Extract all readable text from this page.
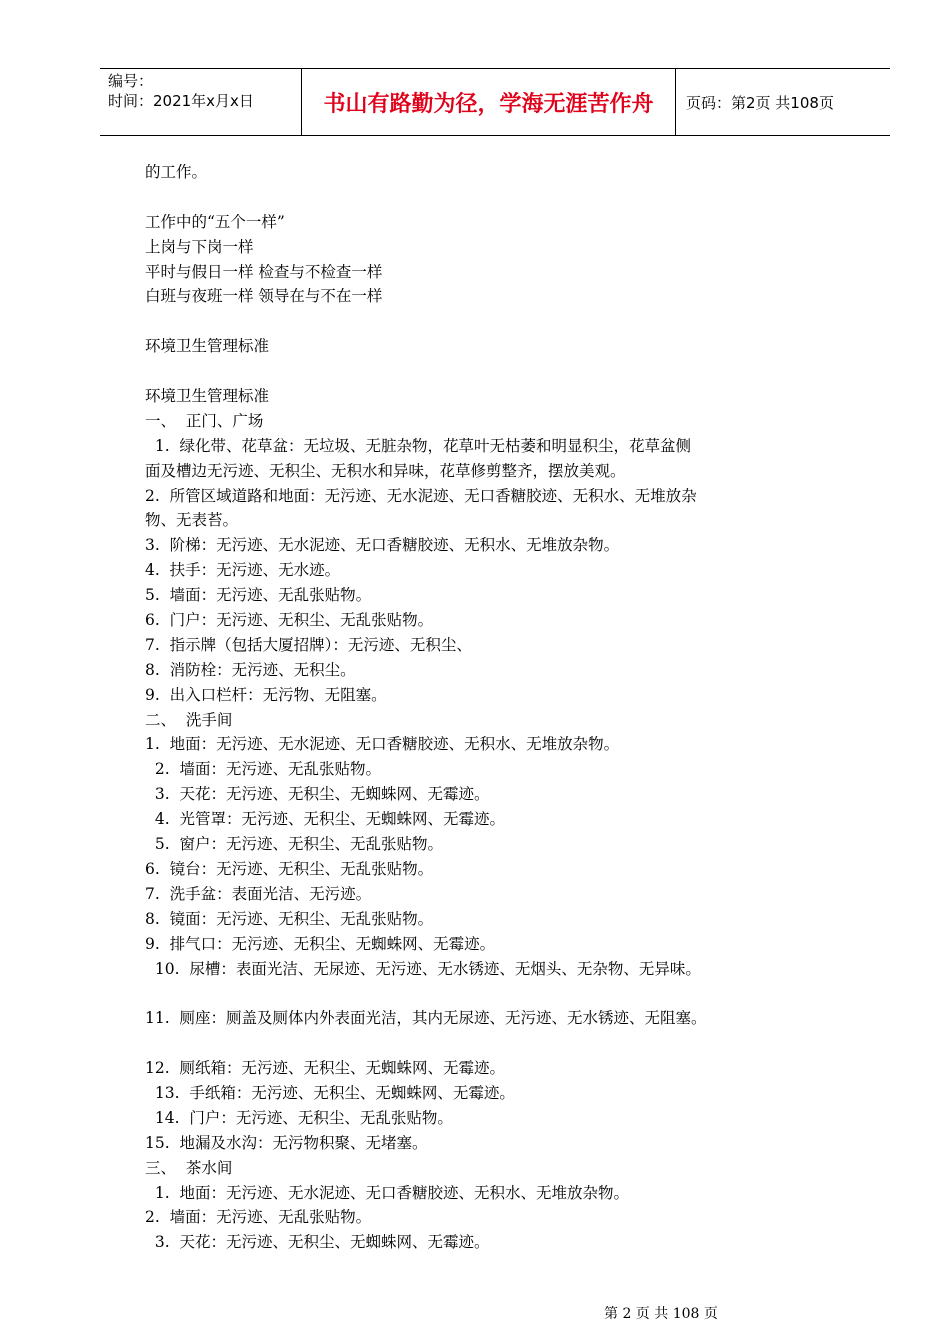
编号：
时间：2021年x月x日	书山有路勤为径，学海无涯苦作舟	页码：第2页 共108页
的工作。
工作中的“五个一样”
上岗与下岗一样
平时与假日一样 检查与不检查一样
白班与夜班一样 领导在与不在一样
环境卫生管理标准
环境卫生管理标准
一、  正门、广场
1.  绿化带、花草盆：无垃圾、无脏杂物，花草叶无枯萎和明显积尘，花草盆侧
面及槽边无污迹、无积尘、无积水和异味，花草修剪整齐，摆放美观。
2.  所管区域道路和地面：无污迹、无水泥迹、无口香糖胶迹、无积水、无堆放杂
物、无表苔。
3.  阶梯：无污迹、无水泥迹、无口香糖胶迹、无积水、无堆放杂物。
4.  扶手：无污迹、无水迹。
5.  墙面：无污迹、无乱张贴物。
6.  门户：无污迹、无积尘、无乱张贴物。
7.  指示牌（包括大厦招牌）：无污迹、无积尘、
8.  消防栓：无污迹、无积尘。
9.  出入口栏杆：无污物、无阻塞。
二、  洗手间
1.  地面：无污迹、无水泥迹、无口香糖胶迹、无积水、无堆放杂物。
2.  墙面：无污迹、无乱张贴物。
3.  天花：无污迹、无积尘、无蜘蛛网、无霉迹。
4.  光管罩：无污迹、无积尘、无蜘蛛网、无霉迹。
5.  窗户：无污迹、无积尘、无乱张贴物。
6.  镜台：无污迹、无积尘、无乱张贴物。
7.  洗手盆：表面光洁、无污迹。
8.  镜面：无污迹、无积尘、无乱张贴物。
9.  排气口：无污迹、无积尘、无蜘蛛网、无霉迹。
10.  尿槽：表面光洁、无尿迹、无污迹、无水锈迹、无烟头、无杂物、无异味。
11.  厕座：厕盖及厕体内外表面光洁，其内无尿迹、无污迹、无水锈迹、无阻塞。
12.  厕纸箱：无污迹、无积尘、无蜘蛛网、无霉迹。
13.  手纸箱：无污迹、无积尘、无蜘蛛网、无霉迹。
14.  门户：无污迹、无积尘、无乱张贴物。
15.  地漏及水沟：无污物积聚、无堵塞。
三、  茶水间
1.  地面：无污迹、无水泥迹、无口香糖胶迹、无积水、无堆放杂物。
2.  墙面：无污迹、无乱张贴物。
3.  天花：无污迹、无积尘、无蜘蛛网、无霉迹。
第 2 页 共 108 页
